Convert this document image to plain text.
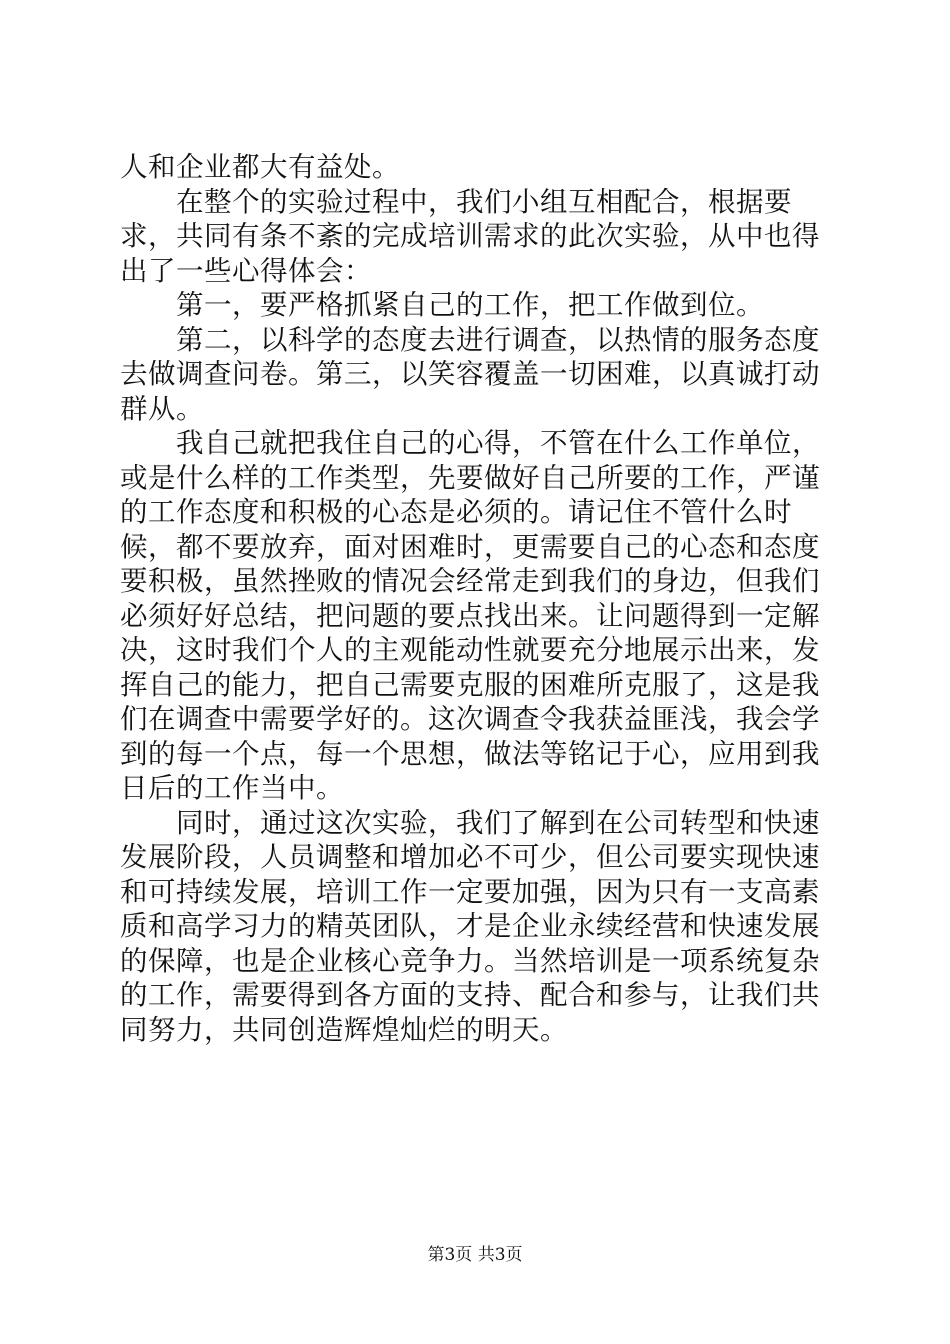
人和企业都大有益处。

　　在整个的实验过程中，我们小组互相配合，根据要求，共同有条不紊的完成培训需求的此次实验，从中也得出了一些心得体会：

　　第一，要严格抓紧自己的工作，把工作做到位。

　　第二，以科学的态度去进行调查，以热情的服务态度去做调查问卷。第三，以笑容覆盖一切困难，以真诚打动群从。

　　我自己就把我住自己的心得，不管在什么工作单位，或是什么样的工作类型，先要做好自己所要的工作，严谨的工作态度和积极的心态是必须的。请记住不管什么时候，都不要放弃，面对困难时，更需要自己的心态和态度要积极，虽然挫败的情况会经常走到我们的身边，但我们必须好好总结，把问题的要点找出来。让问题得到一定解决，这时我们个人的主观能动性就要充分地展示出来，发挥自己的能力，把自己需要克服的困难所克服了，这是我们在调查中需要学好的。这次调查令我获益匪浅，我会学到的每一个点，每一个思想，做法等铭记于心，应用到我日后的工作当中。

　　同时，通过这次实验，我们了解到在公司转型和快速发展阶段，人员调整和增加必不可少，但公司要实现快速和可持续发展，培训工作一定要加强，因为只有一支高素质和高学习力的精英团队，才是企业永续经营和快速发展的保障，也是企业核心竞争力。当然培训是一项系统复杂的工作，需要得到各方面的支持、配合和参与，让我们共同努力，共同创造辉煌灿烂的明天。

第3页 共3页
